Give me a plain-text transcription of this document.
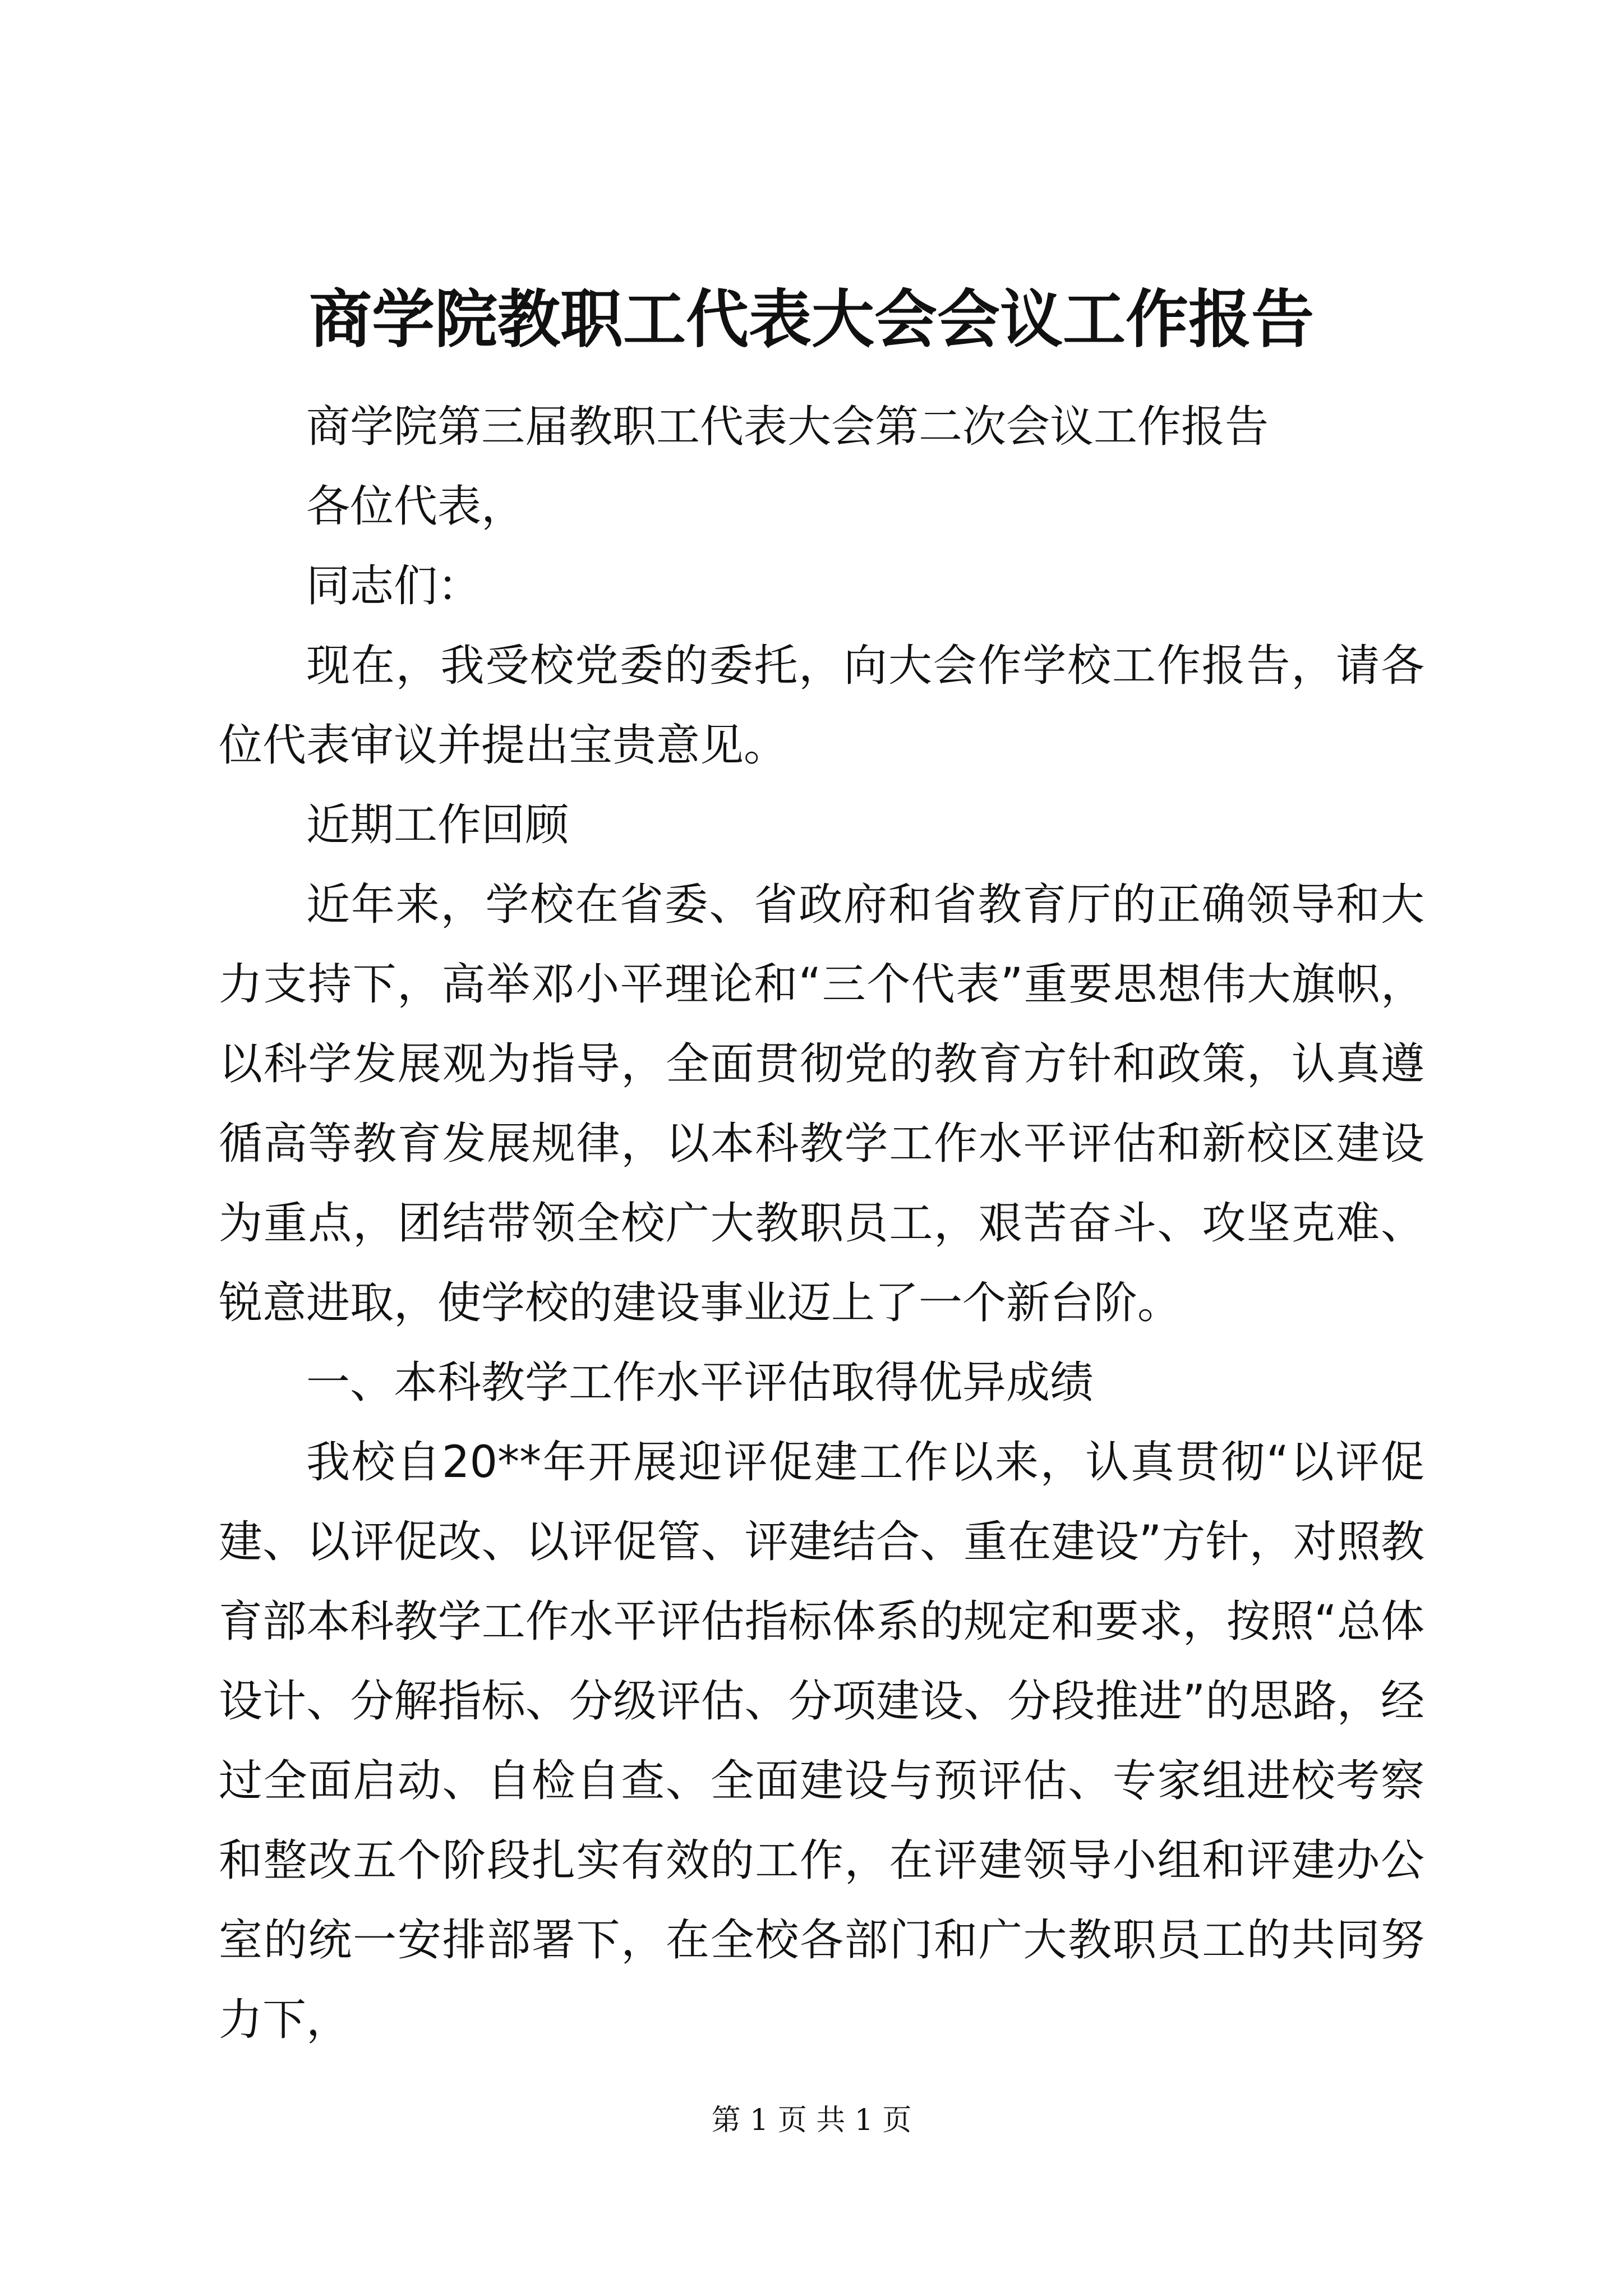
商学院教职工代表大会会议工作报告

商学院第三届教职工代表大会第二次会议工作报告

各位代表，

同志们：

现在，我受校党委的委托，向大会作学校工作报告，请各位代表审议并提出宝贵意见。

近期工作回顾

近年来，学校在省委、省政府和省教育厅的正确领导和大力支持下，高举邓小平理论和“三个代表”重要思想伟大旗帜，以科学发展观为指导，全面贯彻党的教育方针和政策，认真遵循高等教育发展规律，以本科教学工作水平评估和新校区建设为重点，团结带领全校广大教职员工，艰苦奋斗、攻坚克难、锐意进取，使学校的建设事业迈上了一个新台阶。

一、本科教学工作水平评估取得优异成绩

我校自20**年开展迎评促建工作以来，认真贯彻“以评促建、以评促改、以评促管、评建结合、重在建设”方针，对照教育部本科教学工作水平评估指标体系的规定和要求，按照“总体设计、分解指标、分级评估、分项建设、分段推进”的思路，经过全面启动、自检自查、全面建设与预评估、专家组进校考察和整改五个阶段扎实有效的工作，在评建领导小组和评建办公室的统一安排部署下，在全校各部门和广大教职员工的共同努力下，

第 1 页 共 1 页
